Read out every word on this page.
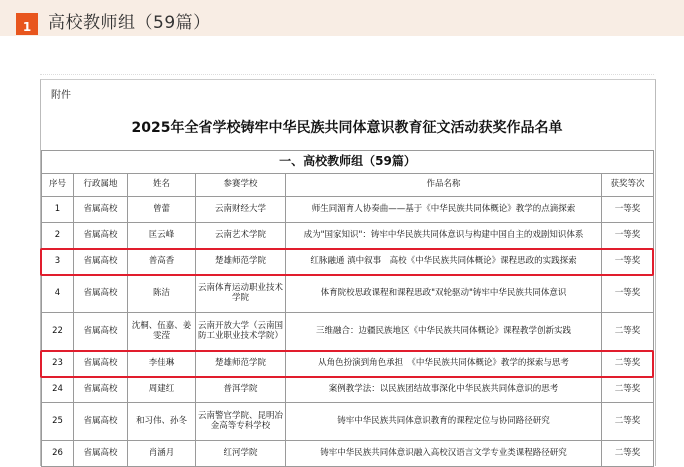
1 高校教师组（59篇）
附件
2025年全省学校铸牢中华民族共同体意识教育征文活动获奖作品名单
一、高校教师组（59篇）					
序号	行政属地	姓名	参赛学校	作品名称	获奖等次
1	省属高校	曾蕾	云南财经大学	师生同湄育人协奏曲——基于《中华民族共同体概论》教学的点滴探索	一等奖
2	省属高校	匡云峰	云南艺术学院	成为"国家知识"：铸牢中华民族共同体意识与构建中国自主的戏剧知识体系	一等奖
3	省属高校	普高香	楚雄师范学院	红脉融通 滇中叙事　高校《中华民族共同体概论》课程思政的实践探索	一等奖
4	省属高校	陈洁	云南体育运动职业技术学院	体育院校思政课程和课程思政"双轮驱动"铸牢中华民族共同体意识	一等奖
22	省属高校	沈桐、伍嘉、姜雯滢	云南开放大学（云南国防工业职业技术学院）	三维融合：边疆民族地区《中华民族共同体概论》课程教学创新实践	二等奖
23	省属高校	李佳琳	楚雄师范学院	从角色扮演到角色承担　《中华民族共同体概论》教学的探索与思考	二等奖
24	省属高校	周建红	普洱学院	案例教学法：以民族团结故事深化中华民族共同体意识的思考	二等奖
25	省属高校	和习伟、孙冬	云南警官学院、昆明冶金高等专科学校	铸牢中华民族共同体意识教育的课程定位与协同路径研究	二等奖
26	省属高校	肖涵月	红河学院	铸牢中华民族共同体意识融入高校汉语言文学专业类课程路径研究	二等奖
